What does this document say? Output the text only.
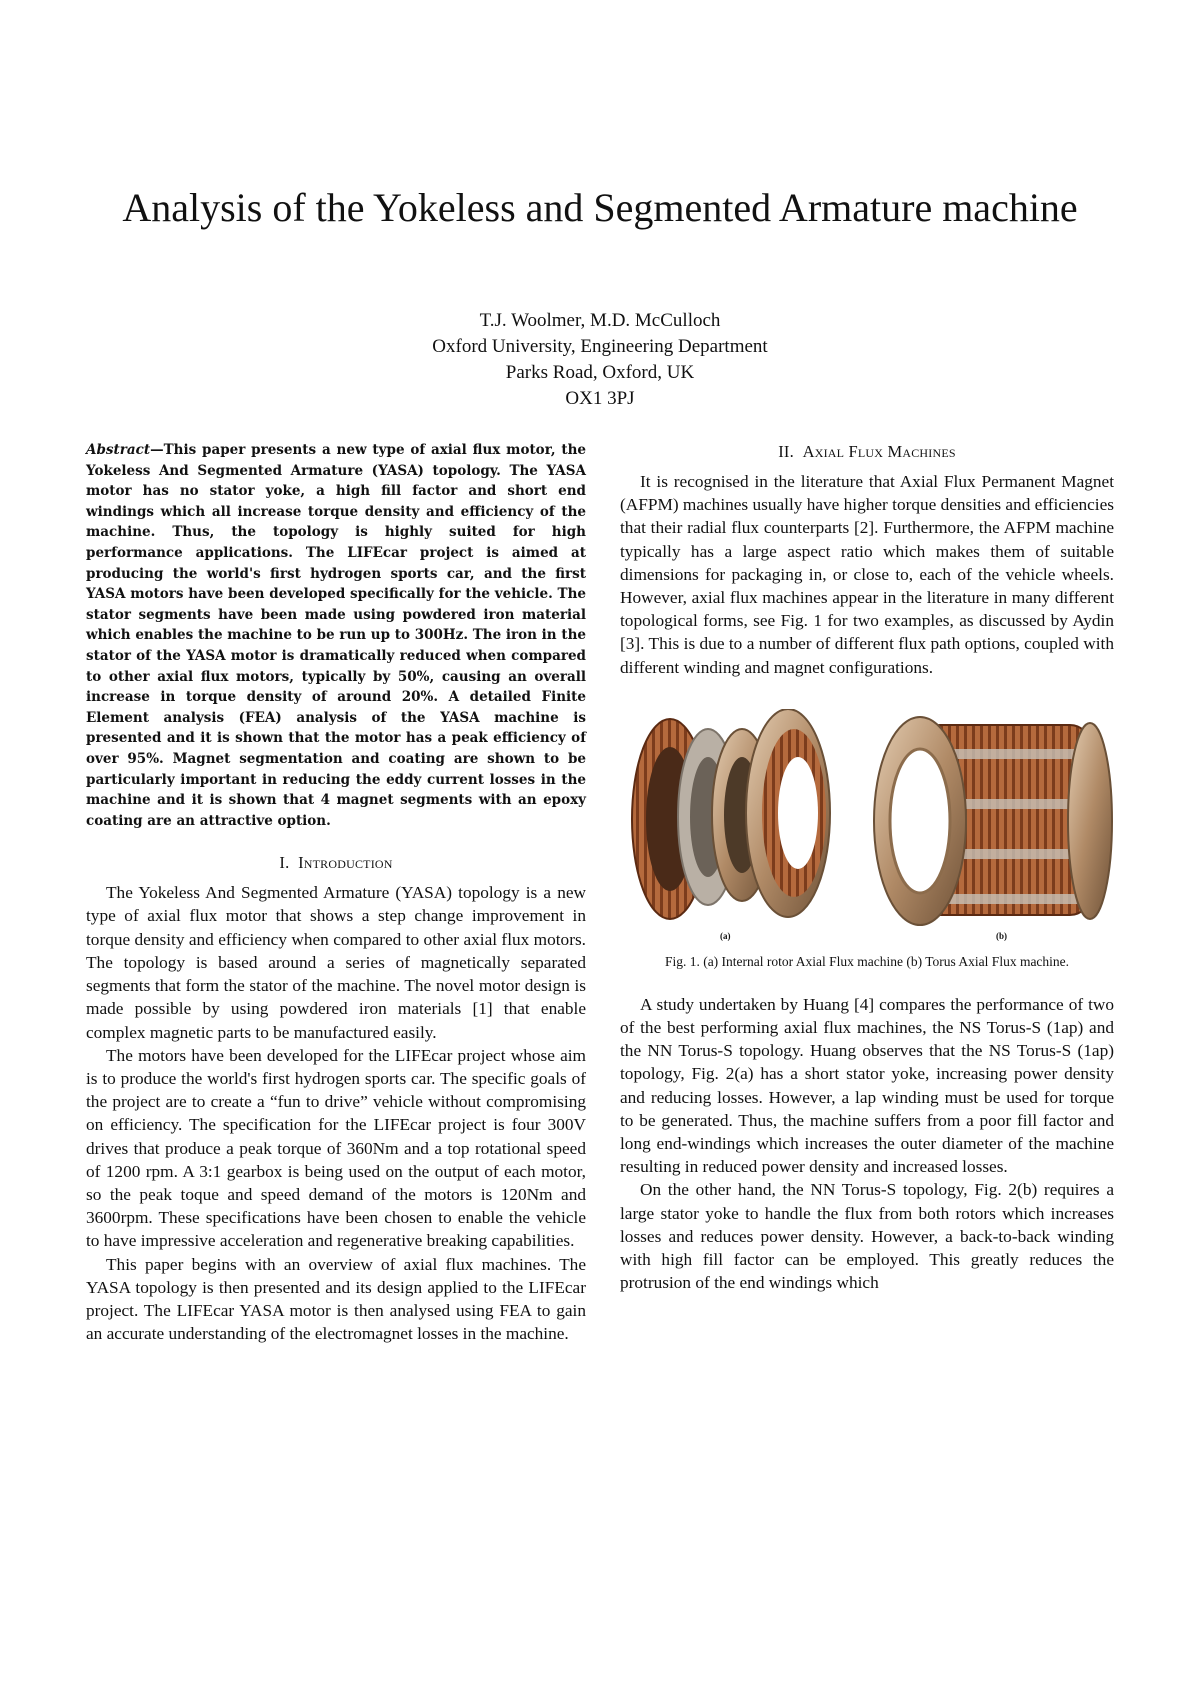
Analysis of the Yokeless and Segmented Armature machine
T.J. Woolmer, M.D. McCulloch
Oxford University, Engineering Department
Parks Road, Oxford, UK
OX1 3PJ

Abstract—This paper presents a new type of axial flux motor, the Yokeless And Segmented Armature (YASA) topology. The YASA motor has no stator yoke, a high fill factor and short end windings which all increase torque density and efficiency of the machine. Thus, the topology is highly suited for high performance applications. The LIFEcar project is aimed at producing the world's first hydrogen sports car, and the first YASA motors have been developed specifically for the vehicle. The stator segments have been made using powdered iron material which enables the machine to be run up to 300Hz. The iron in the stator of the YASA motor is dramatically reduced when compared to other axial flux motors, typically by 50%, causing an overall increase in torque density of around 20%. A detailed Finite Element analysis (FEA) analysis of the YASA machine is presented and it is shown that the motor has a peak efficiency of over 95%. Magnet segmentation and coating are shown to be particularly important in reducing the eddy current losses in the machine and it is shown that 4 magnet segments with an epoxy coating are an attractive option.

I. Introduction

The Yokeless And Segmented Armature (YASA) topology is a new type of axial flux motor that shows a step change improvement in torque density and efficiency when compared to other axial flux motors. The topology is based around a series of magnetically separated segments that form the stator of the machine. The novel motor design is made possible by using powdered iron materials [1] that enable complex magnetic parts to be manufactured easily.

The motors have been developed for the LIFEcar project whose aim is to produce the world's first hydrogen sports car. The specific goals of the project are to create a “fun to drive” vehicle without compromising on efficiency. The specification for the LIFEcar project is four 300V drives that produce a peak torque of 360Nm and a top rotational speed of 1200 rpm. A 3:1 gearbox is being used on the output of each motor, so the peak toque and speed demand of the motors is 120Nm and 3600rpm. These specifications have been chosen to enable the vehicle to have impressive acceleration and regenerative breaking capabilities.

This paper begins with an overview of axial flux machines. The YASA topology is then presented and its design applied to the LIFEcar project. The LIFEcar YASA motor is then analysed using FEA to gain an accurate understanding of the electromagnet losses in the machine.

II. Axial Flux Machines

It is recognised in the literature that Axial Flux Permanent Magnet (AFPM) machines usually have higher torque densities and efficiencies that their radial flux counterparts [2]. Furthermore, the AFPM machine typically has a large aspect ratio which makes them of suitable dimensions for packaging in, or close to, each of the vehicle wheels. However, axial flux machines appear in the literature in many different topological forms, see Fig. 1 for two examples, as discussed by Aydin [3]. This is due to a number of different flux path options, coupled with different winding and magnet configurations.

(a)	(b)
Fig. 1. (a) Internal rotor Axial Flux machine (b) Torus Axial Flux machine.

A study undertaken by Huang [4] compares the performance of two of the best performing axial flux machines, the NS Torus-S (1ap) and the NN Torus-S topology. Huang observes that the NS Torus-S (1ap) topology, Fig. 2(a) has a short stator yoke, increasing power density and reducing losses. However, a lap winding must be used for torque to be generated. Thus, the machine suffers from a poor fill factor and long end-windings which increases the outer diameter of the machine resulting in reduced power density and increased losses.

On the other hand, the NN Torus-S topology, Fig. 2(b) requires a large stator yoke to handle the flux from both rotors which increases losses and reduces power density. However, a back-to-back winding with high fill factor can be employed. This greatly reduces the protrusion of the end windings which
